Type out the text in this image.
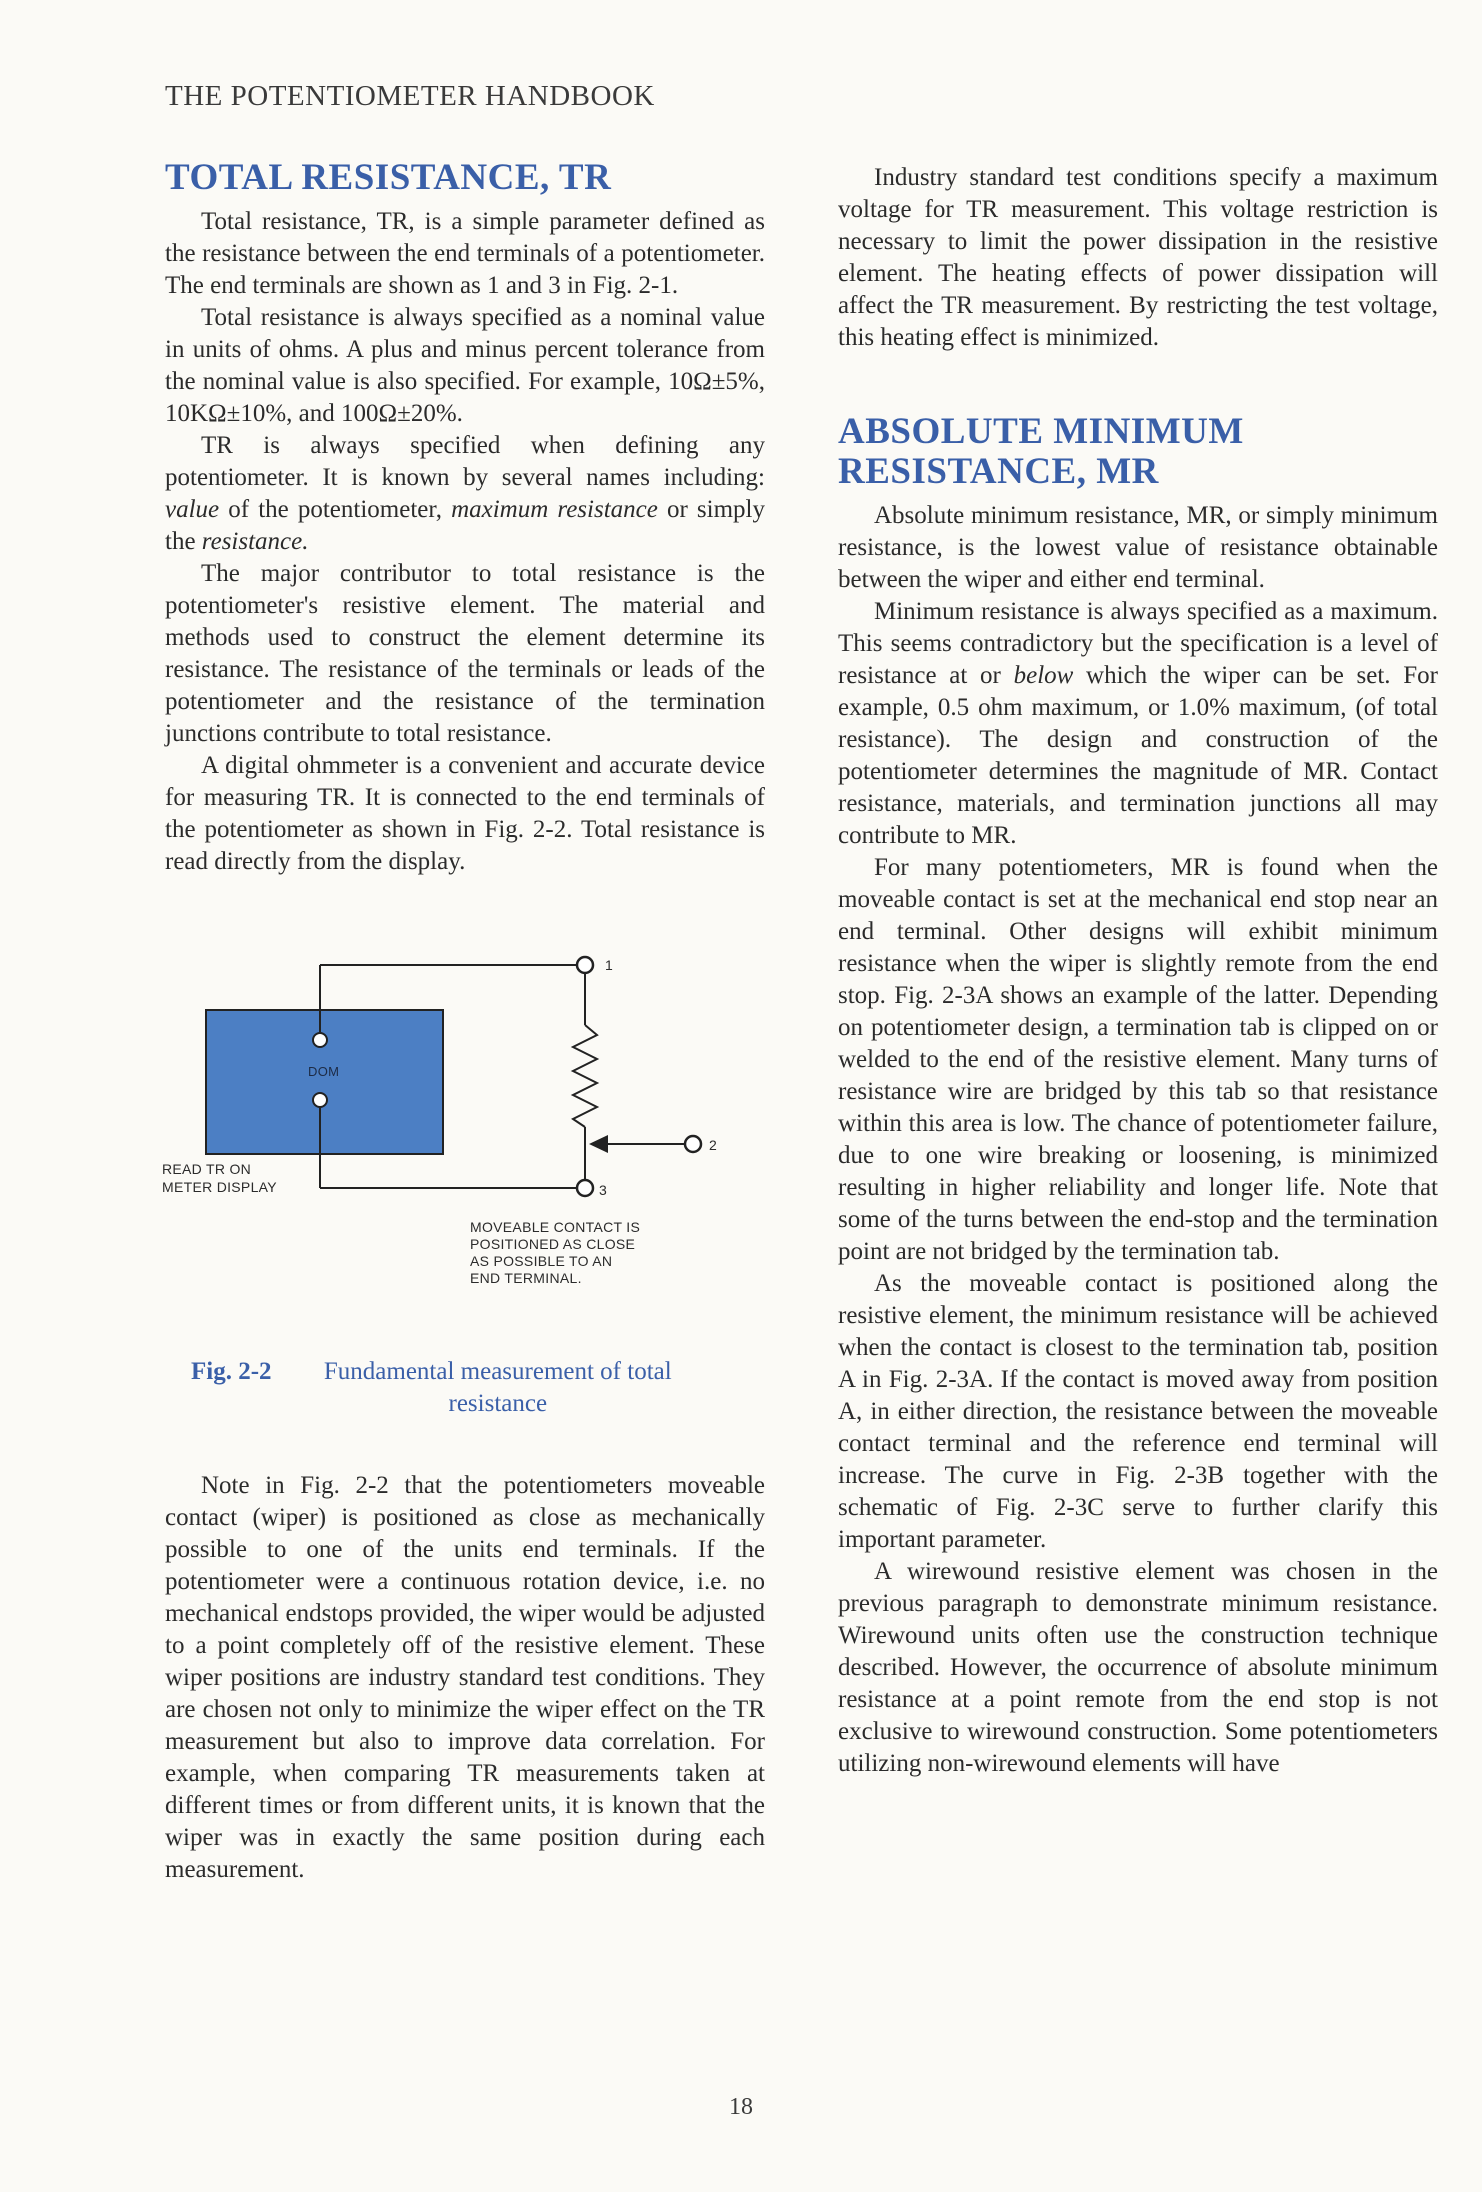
THE POTENTIOMETER HANDBOOK
TOTAL RESISTANCE, TR

Total resistance, TR, is a simple parameter defined as the resistance between the end terminals of a potentiometer. The end terminals are shown as 1 and 3 in Fig. 2-1.

Total resistance is always specified as a nominal value in units of ohms. A plus and minus percent tolerance from the nominal value is also specified. For example, 10Ω±5%, 10KΩ±10%, and 100Ω±20%.

TR is always specified when defining any potentiometer. It is known by several names including: value of the potentiometer, maximum resistance or simply the resistance.

The major contributor to total resistance is the potentiometer's resistive element. The material and methods used to construct the element determine its resistance. The resistance of the terminals or leads of the potentiometer and the resistance of the termination junctions contribute to total resistance.

A digital ohmmeter is a convenient and accurate device for measuring TR. It is connected to the end terminals of the potentiometer as shown in Fig. 2-2. Total resistance is read directly from the display.

DOM
1
2
3
READ TR ON
METER DISPLAY
MOVEABLE CONTACT IS
POSITIONED AS CLOSE
AS POSSIBLE TO AN
END TERMINAL.
Fig. 2-2 Fundamental measurement of total resistance

Note in Fig. 2-2 that the potentiometers moveable contact (wiper) is positioned as close as mechanically possible to one of the units end terminals. If the potentiometer were a continuous rotation device, i.e. no mechanical endstops provided, the wiper would be adjusted to a point completely off of the resistive element. These wiper positions are industry standard test conditions. They are chosen not only to minimize the wiper effect on the TR measurement but also to improve data correlation. For example, when comparing TR measurements taken at different times or from different units, it is known that the wiper was in exactly the same position during each measurement.

Industry standard test conditions specify a maximum voltage for TR measurement. This voltage restriction is necessary to limit the power dissipation in the resistive element. The heating effects of power dissipation will affect the TR measurement. By restricting the test voltage, this heating effect is minimized.

ABSOLUTE MINIMUM
RESISTANCE, MR

Absolute minimum resistance, MR, or simply minimum resistance, is the lowest value of resistance obtainable between the wiper and either end terminal.

Minimum resistance is always specified as a maximum. This seems contradictory but the specification is a level of resistance at or below which the wiper can be set. For example, 0.5 ohm maximum, or 1.0% maximum, (of total resistance). The design and construction of the potentiometer determines the magnitude of MR. Contact resistance, materials, and termination junctions all may contribute to MR.

For many potentiometers, MR is found when the moveable contact is set at the mechanical end stop near an end terminal. Other designs will exhibit minimum resistance when the wiper is slightly remote from the end stop. Fig. 2-3A shows an example of the latter. Depending on potentiometer design, a termination tab is clipped on or welded to the end of the resistive element. Many turns of resistance wire are bridged by this tab so that resistance within this area is low. The chance of potentiometer failure, due to one wire breaking or loosening, is minimized resulting in higher reliability and longer life. Note that some of the turns between the end-stop and the termination point are not bridged by the termination tab.

As the moveable contact is positioned along the resistive element, the minimum resistance will be achieved when the contact is closest to the termination tab, position A in Fig. 2-3A. If the contact is moved away from position A, in either direction, the resistance between the moveable contact terminal and the reference end terminal will increase. The curve in Fig. 2-3B together with the schematic of Fig. 2-3C serve to further clarify this important parameter.

A wirewound resistive element was chosen in the previous paragraph to demonstrate minimum resistance. Wirewound units often use the construction technique described. However, the occurrence of absolute minimum resistance at a point remote from the end stop is not exclusive to wirewound construction. Some potentiometers utilizing non-wirewound elements will have

18
